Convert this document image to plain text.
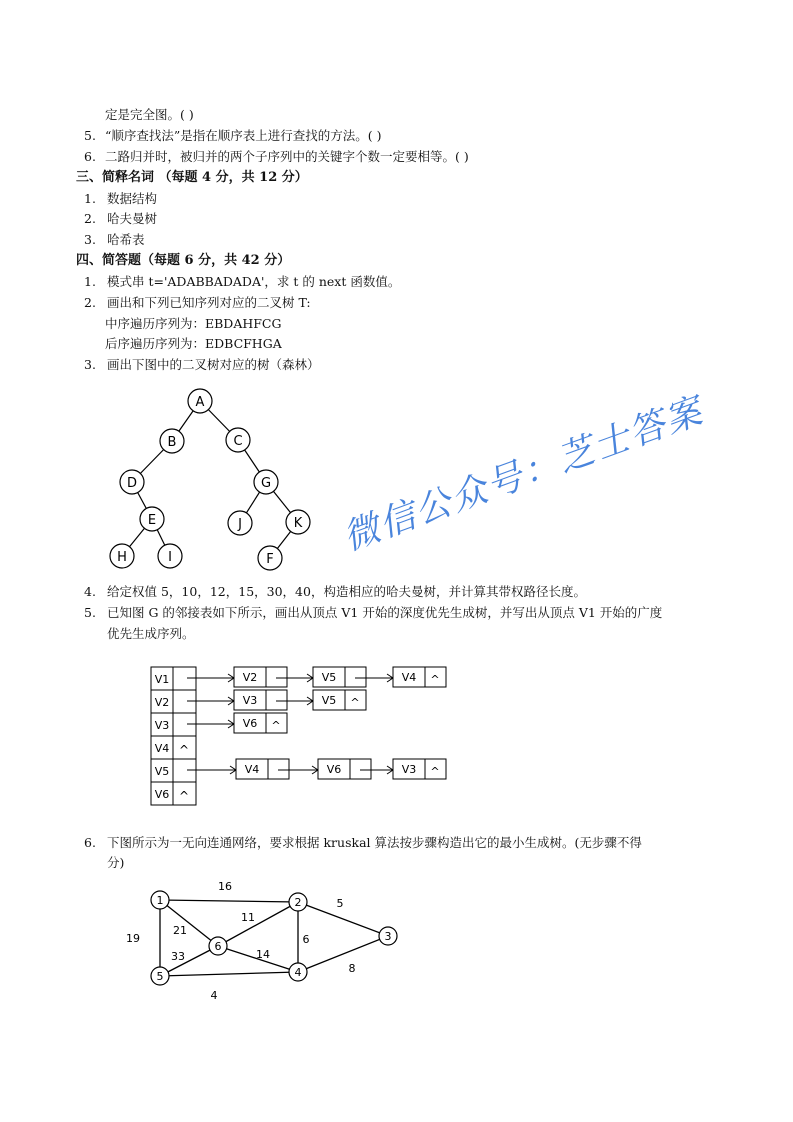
定是完全图。( )
5. “顺序查找法”是指在顺序表上进行查找的方法。( )
6. 二路归并时，被归并的两个子序列中的关键字个数一定要相等。( )
三、简释名词 （每题 4 分，共 12 分）
1. 数据结构
2. 哈夫曼树
3. 哈希表
四、简答题（每题 6 分，共 42 分）
1. 模式串 t='ADABBADADA'，求 t 的 next 函数值。
2. 画出和下列已知序列对应的二叉树 T:
中序遍历序列为：EBDAHFCG
后序遍历序列为：EDBCFHGA
3. 画出下图中的二叉树对应的树（森林）
A
B	C
D	G
E	J	K
H	I	F
V1	V2	V5	V4 ^
V2	V3	V5 ^
V3	V6 ^
V4 ^
V5	V4	V6	V3 ^
V6 ^
16
5
11
21
19	6
33	14
8
4
1	2
3
4
5
6
4. 给定权值 5，10，12，15，30，40，构造相应的哈夫曼树，并计算其带权路径长度。
5. 已知图 G 的邻接表如下所示，画出从顶点 V1 开始的深度优先生成树，并写出从顶点 V1 开始的广度
优先生成序列。
6. 下图所示为一无向连通网络，要求根据 kruskal 算法按步骤构造出它的最小生成树。(无步骤不得
分)
微信公众号：芝士答案
